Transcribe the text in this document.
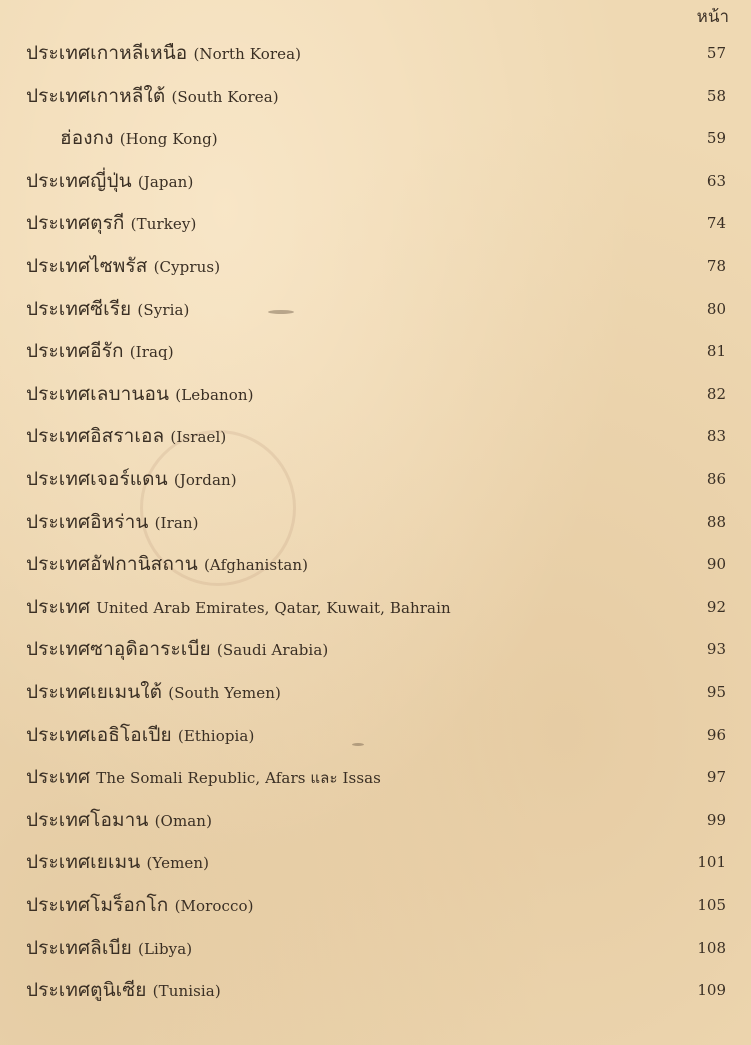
หน้า
ประเทศเกาหลีเหนือ (North Korea)	57
ประเทศเกาหลีใต้ (South Korea)	58
ฮ่องกง (Hong Kong)	59
ประเทศญี่ปุ่น (Japan)	63
ประเทศตุรกี (Turkey)	74
ประเทศไซพรัส (Cyprus)	78
ประเทศซีเรีย (Syria)	80
ประเทศอีรัก (Iraq)	81
ประเทศเลบานอน (Lebanon)	82
ประเทศอิสราเอล (Israel)	83
ประเทศเจอร์แดน (Jordan)	86
ประเทศอิหร่าน (Iran)	88
ประเทศอัฟกานิสถาน (Afghanistan)	90
ประเทศ United Arab Emirates, Qatar, Kuwait, Bahrain	92
ประเทศซาอุดิอาระเบีย (Saudi Arabia)	93
ประเทศเยเมนใต้ (South Yemen)	95
ประเทศเอธิโอเปีย (Ethiopia)	96
ประเทศ The Somali Republic, Afars และ Issas	97
ประเทศโอมาน (Oman)	99
ประเทศเยเมน (Yemen)	101
ประเทศโมร็อกโก (Morocco)	105
ประเทศลิเบีย (Libya)	108
ประเทศตูนิเซีย (Tunisia)	109
